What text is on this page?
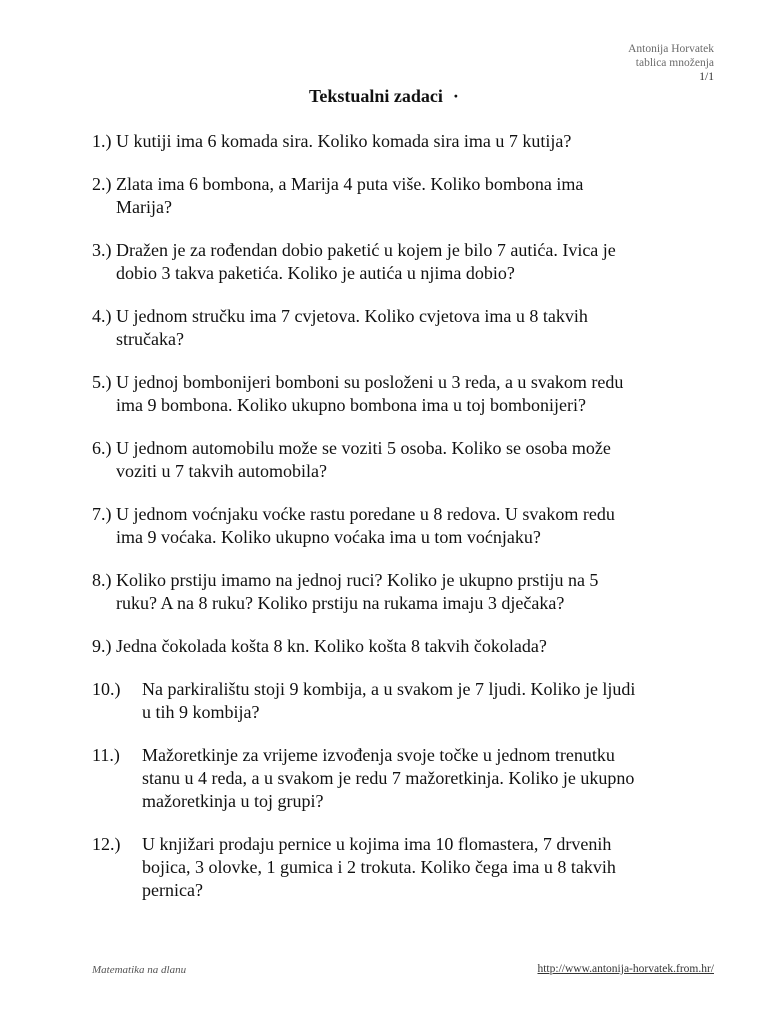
Antonija Horvatek
tablica množenja
1/1
Tekstualni zadaci ·
1.) U kutiji ima 6 komada sira. Koliko komada sira ima u 7 kutija?
2.) Zlata ima 6 bombona, a Marija 4 puta više. Koliko bombona ima
Marija?
3.) Dražen je za rođendan dobio paketić u kojem je bilo 7 autića. Ivica je
dobio 3 takva paketića. Koliko je autića u njima dobio?
4.) U jednom stručku ima 7 cvjetova. Koliko cvjetova ima u 8 takvih
stručaka?
5.) U jednoj bombonijeri bomboni su posloženi u 3 reda, a u svakom redu
ima 9 bombona. Koliko ukupno bombona ima u toj bombonijeri?
6.) U jednom automobilu može se voziti 5 osoba. Koliko se osoba može
voziti u 7 takvih automobila?
7.) U jednom voćnjaku voćke rastu poredane u 8 redova. U svakom redu
ima 9 voćaka. Koliko ukupno voćaka ima u tom voćnjaku?
8.) Koliko prstiju imamo na jednoj ruci? Koliko je ukupno prstiju na 5
ruku? A na 8 ruku? Koliko prstiju na rukama imaju 3 dječaka?
9.) Jedna čokolada košta 8 kn. Koliko košta 8 takvih čokolada?
10.) Na parkiralištu stoji 9 kombija, a u svakom je 7 ljudi. Koliko je ljudi
u tih 9 kombija?
11.) Mažoretkinje za vrijeme izvođenja svoje točke u jednom trenutku
stanu u 4 reda, a u svakom je redu 7 mažoretkinja. Koliko je ukupno
mažoretkinja u toj grupi?
12.) U knjižari prodaju pernice u kojima ima 10 flomastera, 7 drvenih
bojica, 3 olovke, 1 gumica i 2 trokuta. Koliko čega ima u 8 takvih
pernica?
Matematika na dlanu	http://www.antonija-horvatek.from.hr/
